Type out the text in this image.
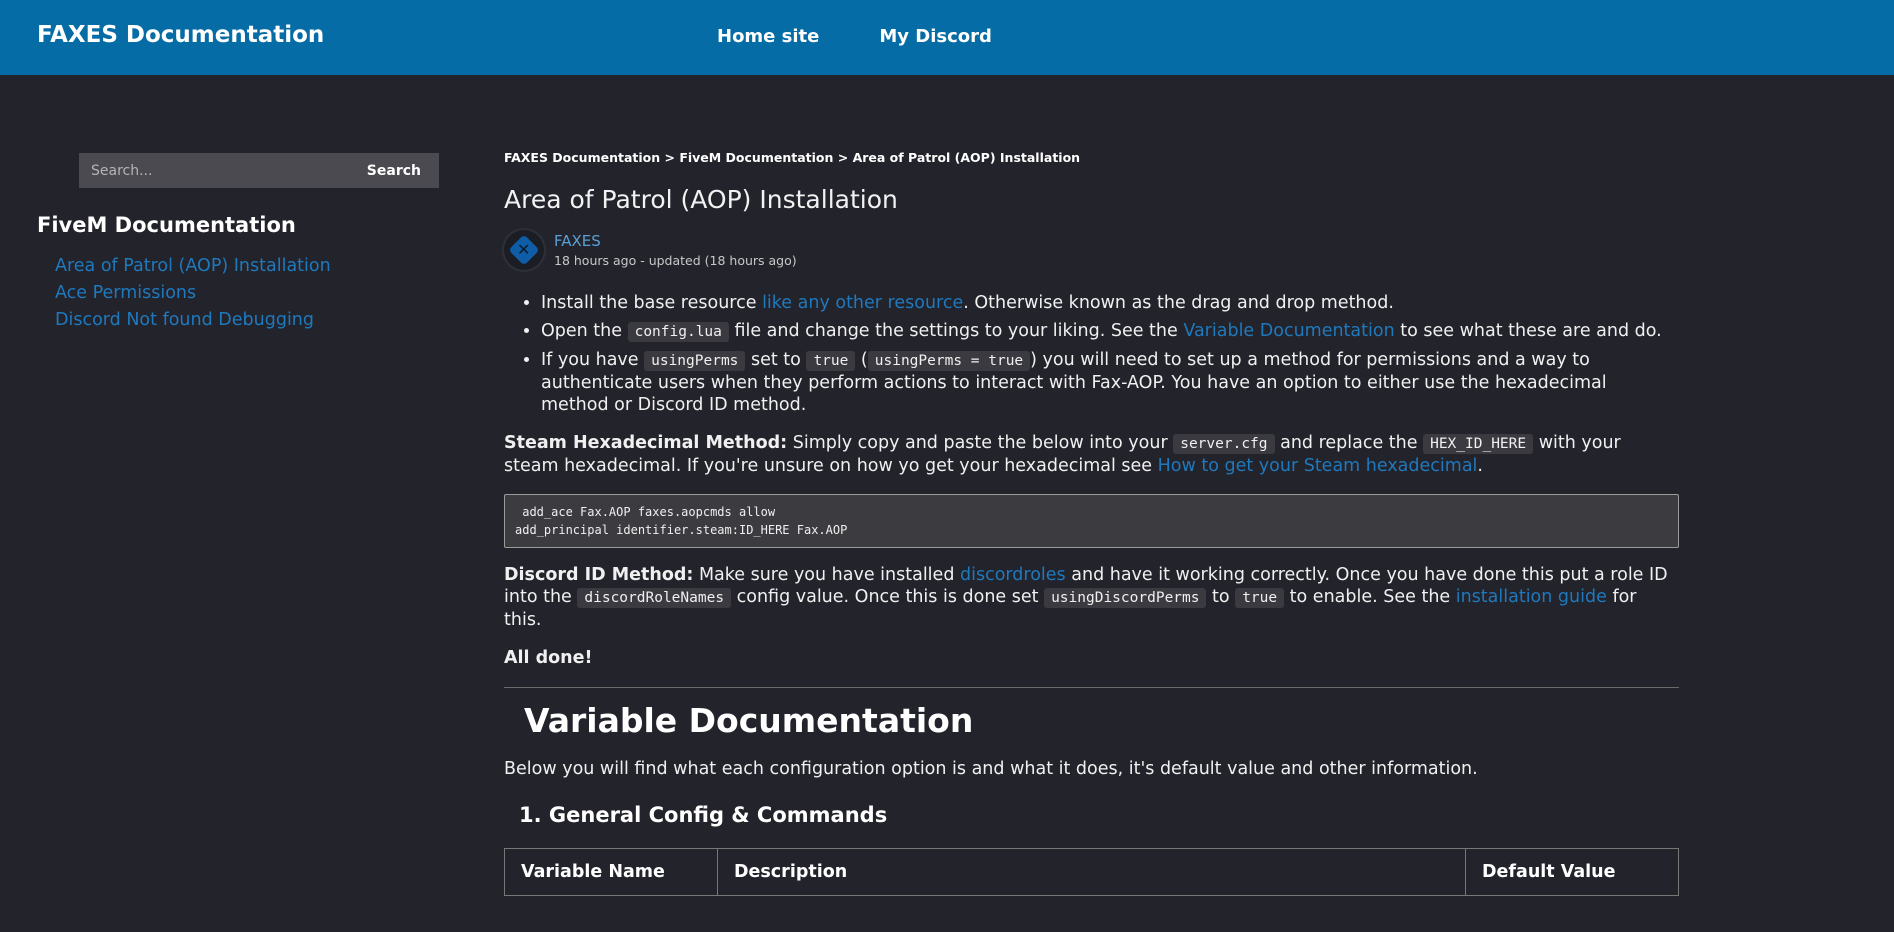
FAXES Documentation	Home site	My Discord
Search...
Search
FiveM Documentation
Area of Patrol (AOP) Installation
Ace Permissions
Discord Not found Debugging
FAXES Documentation > FiveM Documentation > Area of Patrol (AOP) Installation
Area of Patrol (AOP) Installation
✕ FAXES
18 hours ago - updated (18 hours ago)
• Install the base resource like any other resource. Otherwise known as the drag and drop method.
• Open the config.lua file and change the settings to your liking. See the Variable Documentation to see what these are and do.
• If you have usingPerms set to true ( usingPerms = true ) you will need to set up a method for permissions and a way to authenticate users when they perform actions to interact with Fax-AOP. You have an option to either use the hexadecimal method or Discord ID method.

Steam Hexadecimal Method: Simply copy and paste the below into your server.cfg and replace the HEX_ID_HERE with your steam hexadecimal. If you're unsure on how yo get your hexadecimal see How to get your Steam hexadecimal.

add_ace Fax.AOP faxes.aopcmds allow
add_principal identifier.steam:ID_HERE Fax.AOP

Discord ID Method: Make sure you have installed discordroles and have it working correctly. Once you have done this put a role ID into the discordRoleNames config value. Once this is done set usingDiscordPerms to true to enable. See the installation guide for this.

All done!

Variable Documentation

Below you will find what each configuration option is and what it does, it's default value and other information.

1. General Config & Commands
Variable Name	Description	Default Value
